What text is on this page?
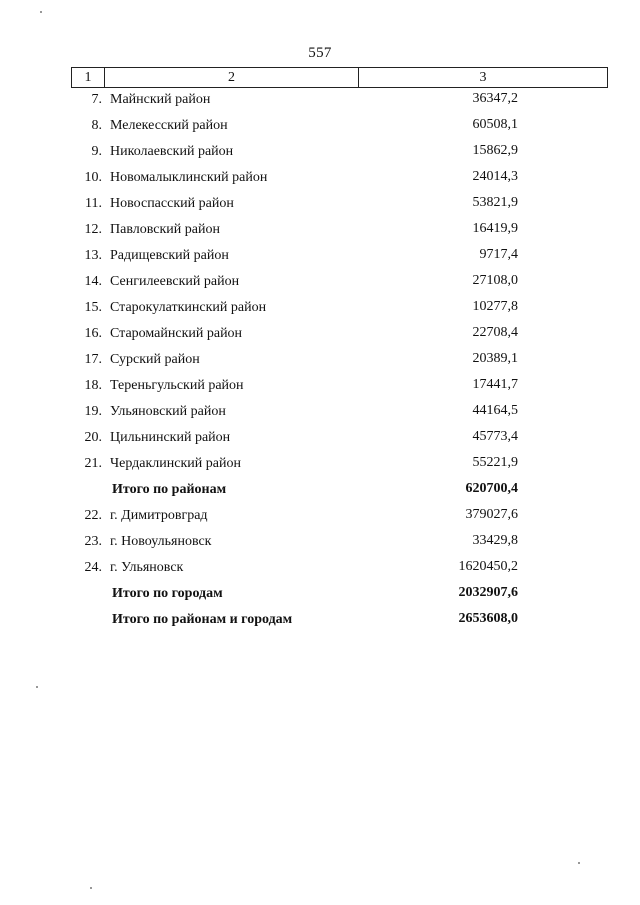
557
1	2	3
7. Майнский район	36347,2
8. Мелекесский район	60508,1
9. Николаевский район	15862,9
10. Новомалыклинский район	24014,3
11. Новоспасский район	53821,9
12. Павловский район	16419,9
13. Радищевский район	9717,4
14. Сенгилеевский район	27108,0
15. Старокулаткинский район	10277,8
16. Старомайнский район	22708,4
17. Сурский район	20389,1
18. Тереньгульский район	17441,7
19. Ульяновский район	44164,5
20. Цильнинский район	45773,4
21. Чердаклинский район	55221,9
Итого по районам	620700,4
22. г. Димитровград	379027,6
23. г. Новоульяновск	33429,8
24. г. Ульяновск	1620450,2
Итого по городам	2032907,6
Итого по районам и городам	2653608,0
